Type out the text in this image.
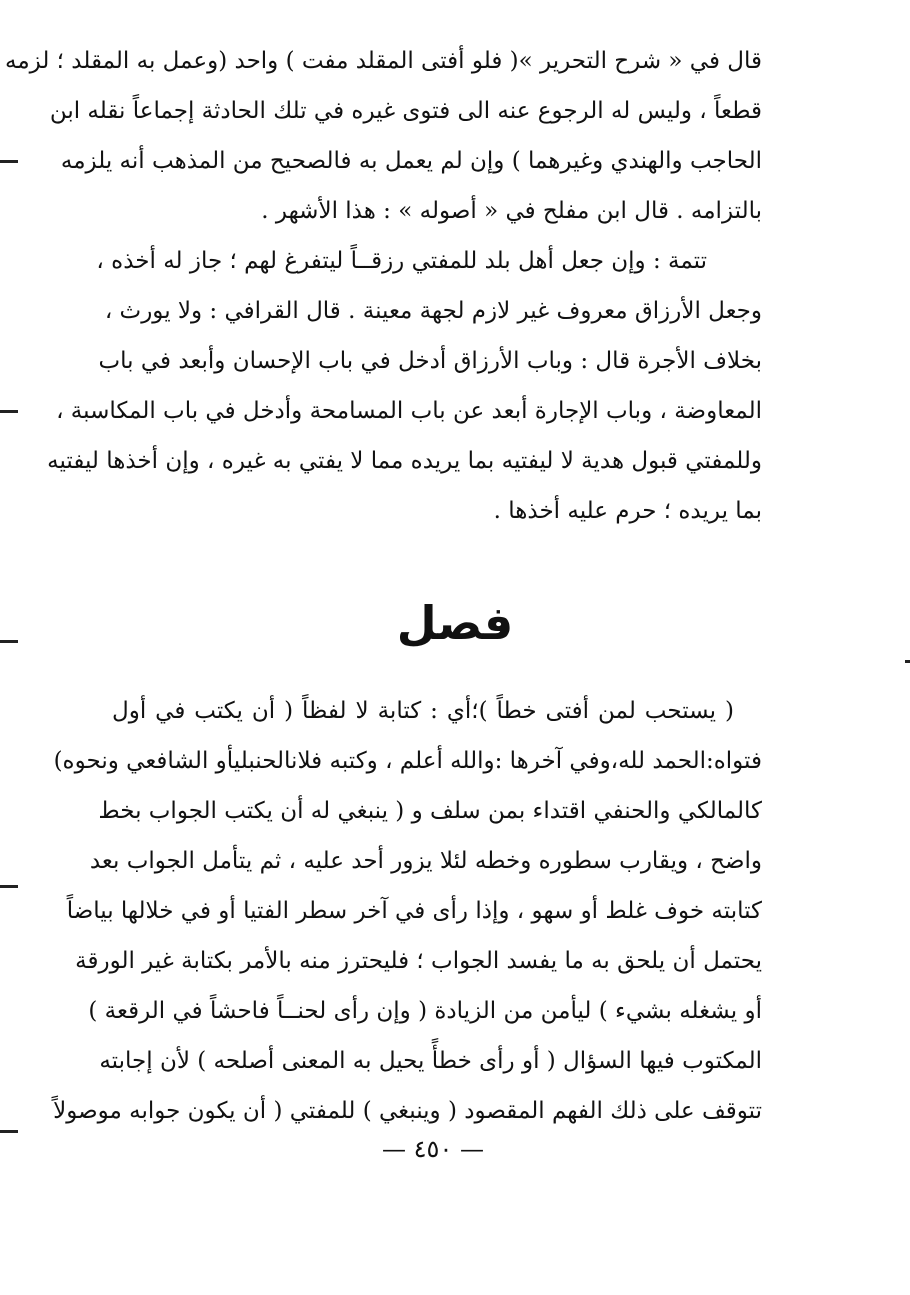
قال في « شرح التحرير »( فلو أفتى المقلد مفت ) واحد (وعمل به المقلد ؛ لزمه
قطعاً ، وليس له الرجوع عنه الى فتوى غيره في تلك الحادثة إجماعاً نقله ابن
الحاجب والهندي وغيرهما ) وإن لم يعمل به فالصحيح من المذهب أنه يلزمه
بالتزامه . قال ابن مفلح في « أصوله » : هذا الأشهر .
تتمة : وإن جعل أهل بلد للمفتي رزقــاً ليتفرغ لهم ؛ جاز له أخذه ،
وجعل الأرزاق معروف غير لازم لجهة معينة . قال القرافي : ولا يورث ،
بخلاف الأجرة قال : وباب الأرزاق أدخل في باب الإحسان وأبعد في باب
المعاوضة ، وباب الإجارة أبعد عن باب المسامحة وأدخل في باب المكاسبة ،
وللمفتي قبول هدية لا ليفتيه بما يريده مما لا يفتي به غيره ، وإن أخذها ليفتيه
بما يريده ؛ حرم عليه أخذها .
فصل
( يستحب لمن أفتى خطاً )؛أي : كتابة لا لفظاً ( أن يكتب في أول
فتواه:الحمد لله،وفي آخرها :والله أعلم ، وكتبه فلانالحنبليأو الشافعي ونحوه)
كالمالكي والحنفي اقتداء بمن سلف و ( ينبغي له أن يكتب الجواب بخط
واضح ، ويقارب سطوره وخطه لئلا يزور أحد عليه ، ثم يتأمل الجواب بعد
كتابته خوف غلط أو سهو ، وإذا رأى في آخر سطر الفتيا أو في خلالها بياضاً
يحتمل أن يلحق به ما يفسد الجواب ؛ فليحترز منه بالأمر بكتابة غير الورقة
أو يشغله بشيء ) ليأمن من الزيادة ( وإن رأى لحنــاً فاحشاً في الرقعة )
المكتوب فيها السؤال ( أو رأى خطأً يحيل به المعنى أصلحه ) لأن إجابته
تتوقف على ذلك الفهم المقصود ( وينبغي ) للمفتي ( أن يكون جوابه موصولاً
— ٤٥٠ —
